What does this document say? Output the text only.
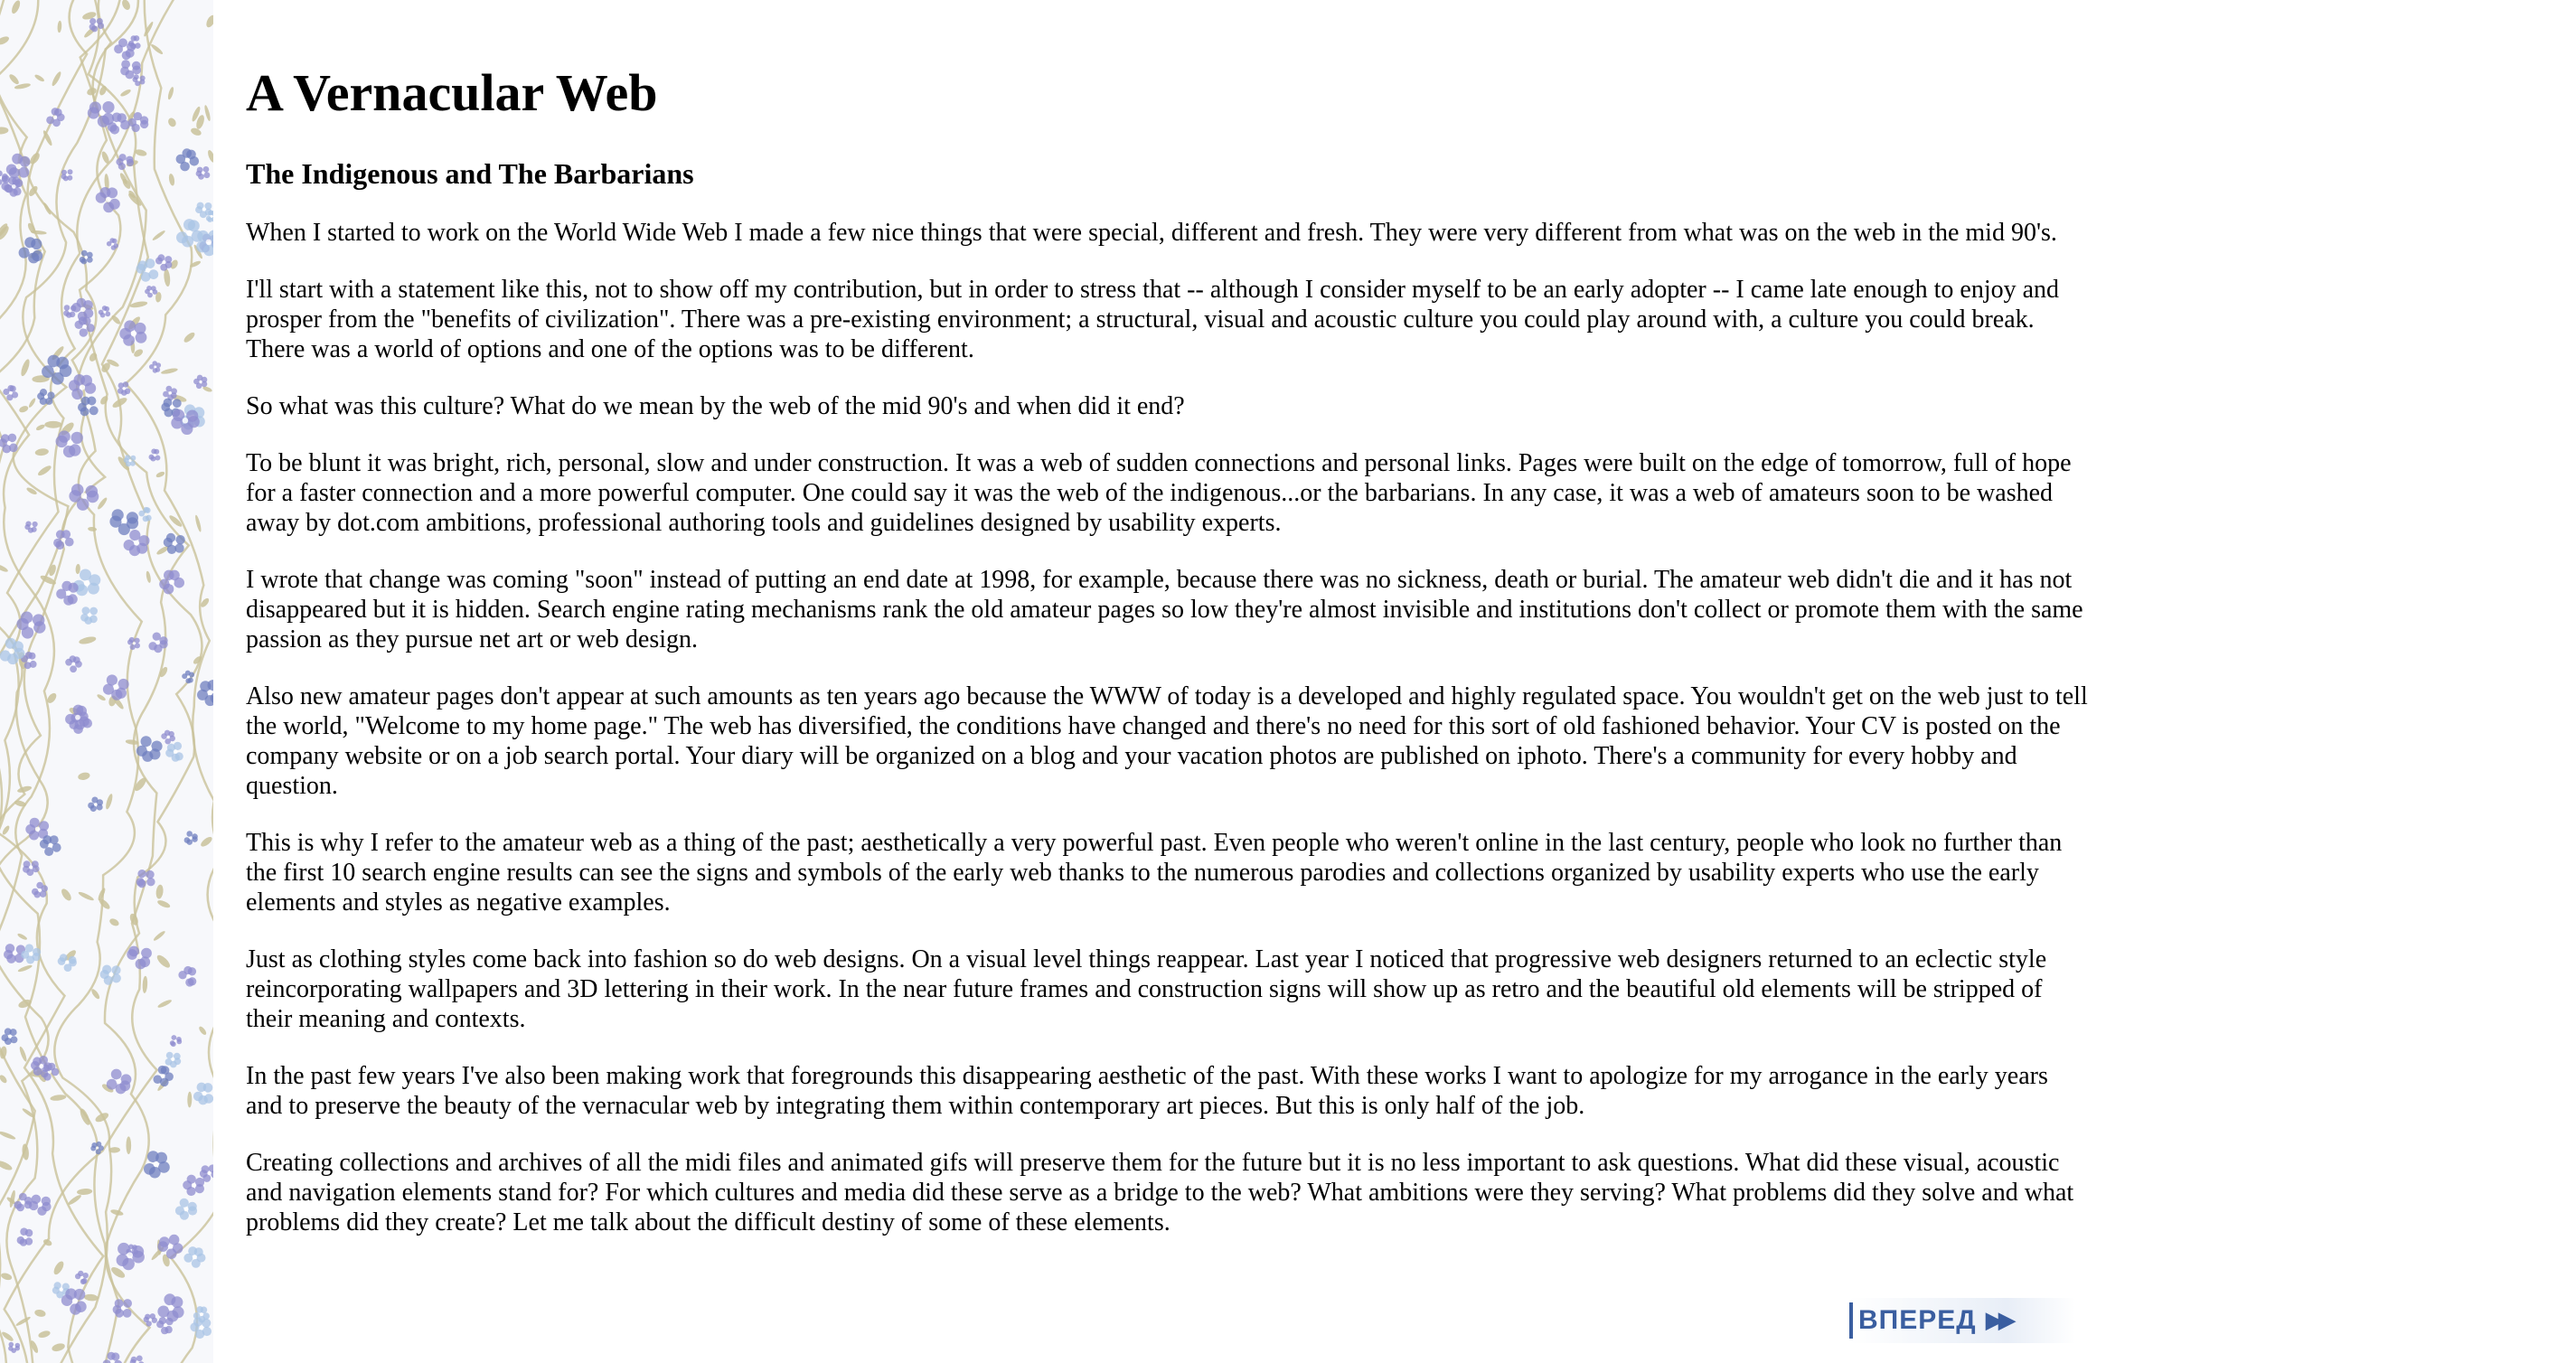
A Vernacular Web
The Indigenous and The Barbarians

When I started to work on the World Wide Web I made a few nice things that were special, different and fresh. They were very different from what was on the web in the mid 90's.

I'll start with a statement like this, not to show off my contribution, but in order to stress that -- although I consider myself to be an early adopter -- I came late enough to enjoy and prosper from the "benefits of civilization". There was a pre-existing environment; a structural, visual and acoustic culture you could play around with, a culture you could break. There was a world of options and one of the options was to be different.

So what was this culture? What do we mean by the web of the mid 90's and when did it end?

To be blunt it was bright, rich, personal, slow and under construction. It was a web of sudden connections and personal links. Pages were built on the edge of tomorrow, full of hope for a faster connection and a more powerful computer. One could say it was the web of the indigenous...or the barbarians. In any case, it was a web of amateurs soon to be washed away by dot.com ambitions, professional authoring tools and guidelines designed by usability experts.

I wrote that change was coming "soon" instead of putting an end date at 1998, for example, because there was no sickness, death or burial. The amateur web didn't die and it has not disappeared but it is hidden. Search engine rating mechanisms rank the old amateur pages so low they're almost invisible and institutions don't collect or promote them with the same passion as they pursue net art or web design.

Also new amateur pages don't appear at such amounts as ten years ago because the WWW of today is a developed and highly regulated space. You wouldn't get on the web just to tell the world, "Welcome to my home page." The web has diversified, the conditions have changed and there's no need for this sort of old fashioned behavior. Your CV is posted on the company website or on a job search portal. Your diary will be organized on a blog and your vacation photos are published on iphoto. There's a community for every hobby and question.

This is why I refer to the amateur web as a thing of the past; aesthetically a very powerful past. Even people who weren't online in the last century, people who look no further than the first 10 search engine results can see the signs and symbols of the early web thanks to the numerous parodies and collections organized by usability experts who use the early elements and styles as negative examples.

Just as clothing styles come back into fashion so do web designs. On a visual level things reappear. Last year I noticed that progressive web designers returned to an eclectic style reincorporating wallpapers and 3D lettering in their work. In the near future frames and construction signs will show up as retro and the beautiful old elements will be stripped of their meaning and contexts.

In the past few years I've also been making work that foregrounds this disappearing aesthetic of the past. With these works I want to apologize for my arrogance in the early years and to preserve the beauty of the vernacular web by integrating them within contemporary art pieces. But this is only half of the job.

Creating collections and archives of all the midi files and animated gifs will preserve them for the future but it is no less important to ask questions. What did these visual, acoustic and navigation elements stand for? For which cultures and media did these serve as a bridge to the web? What ambitions were they serving? What problems did they solve and what problems did they create? Let me talk about the difficult destiny of some of these elements.

ВПЕРЕД ▶▶
